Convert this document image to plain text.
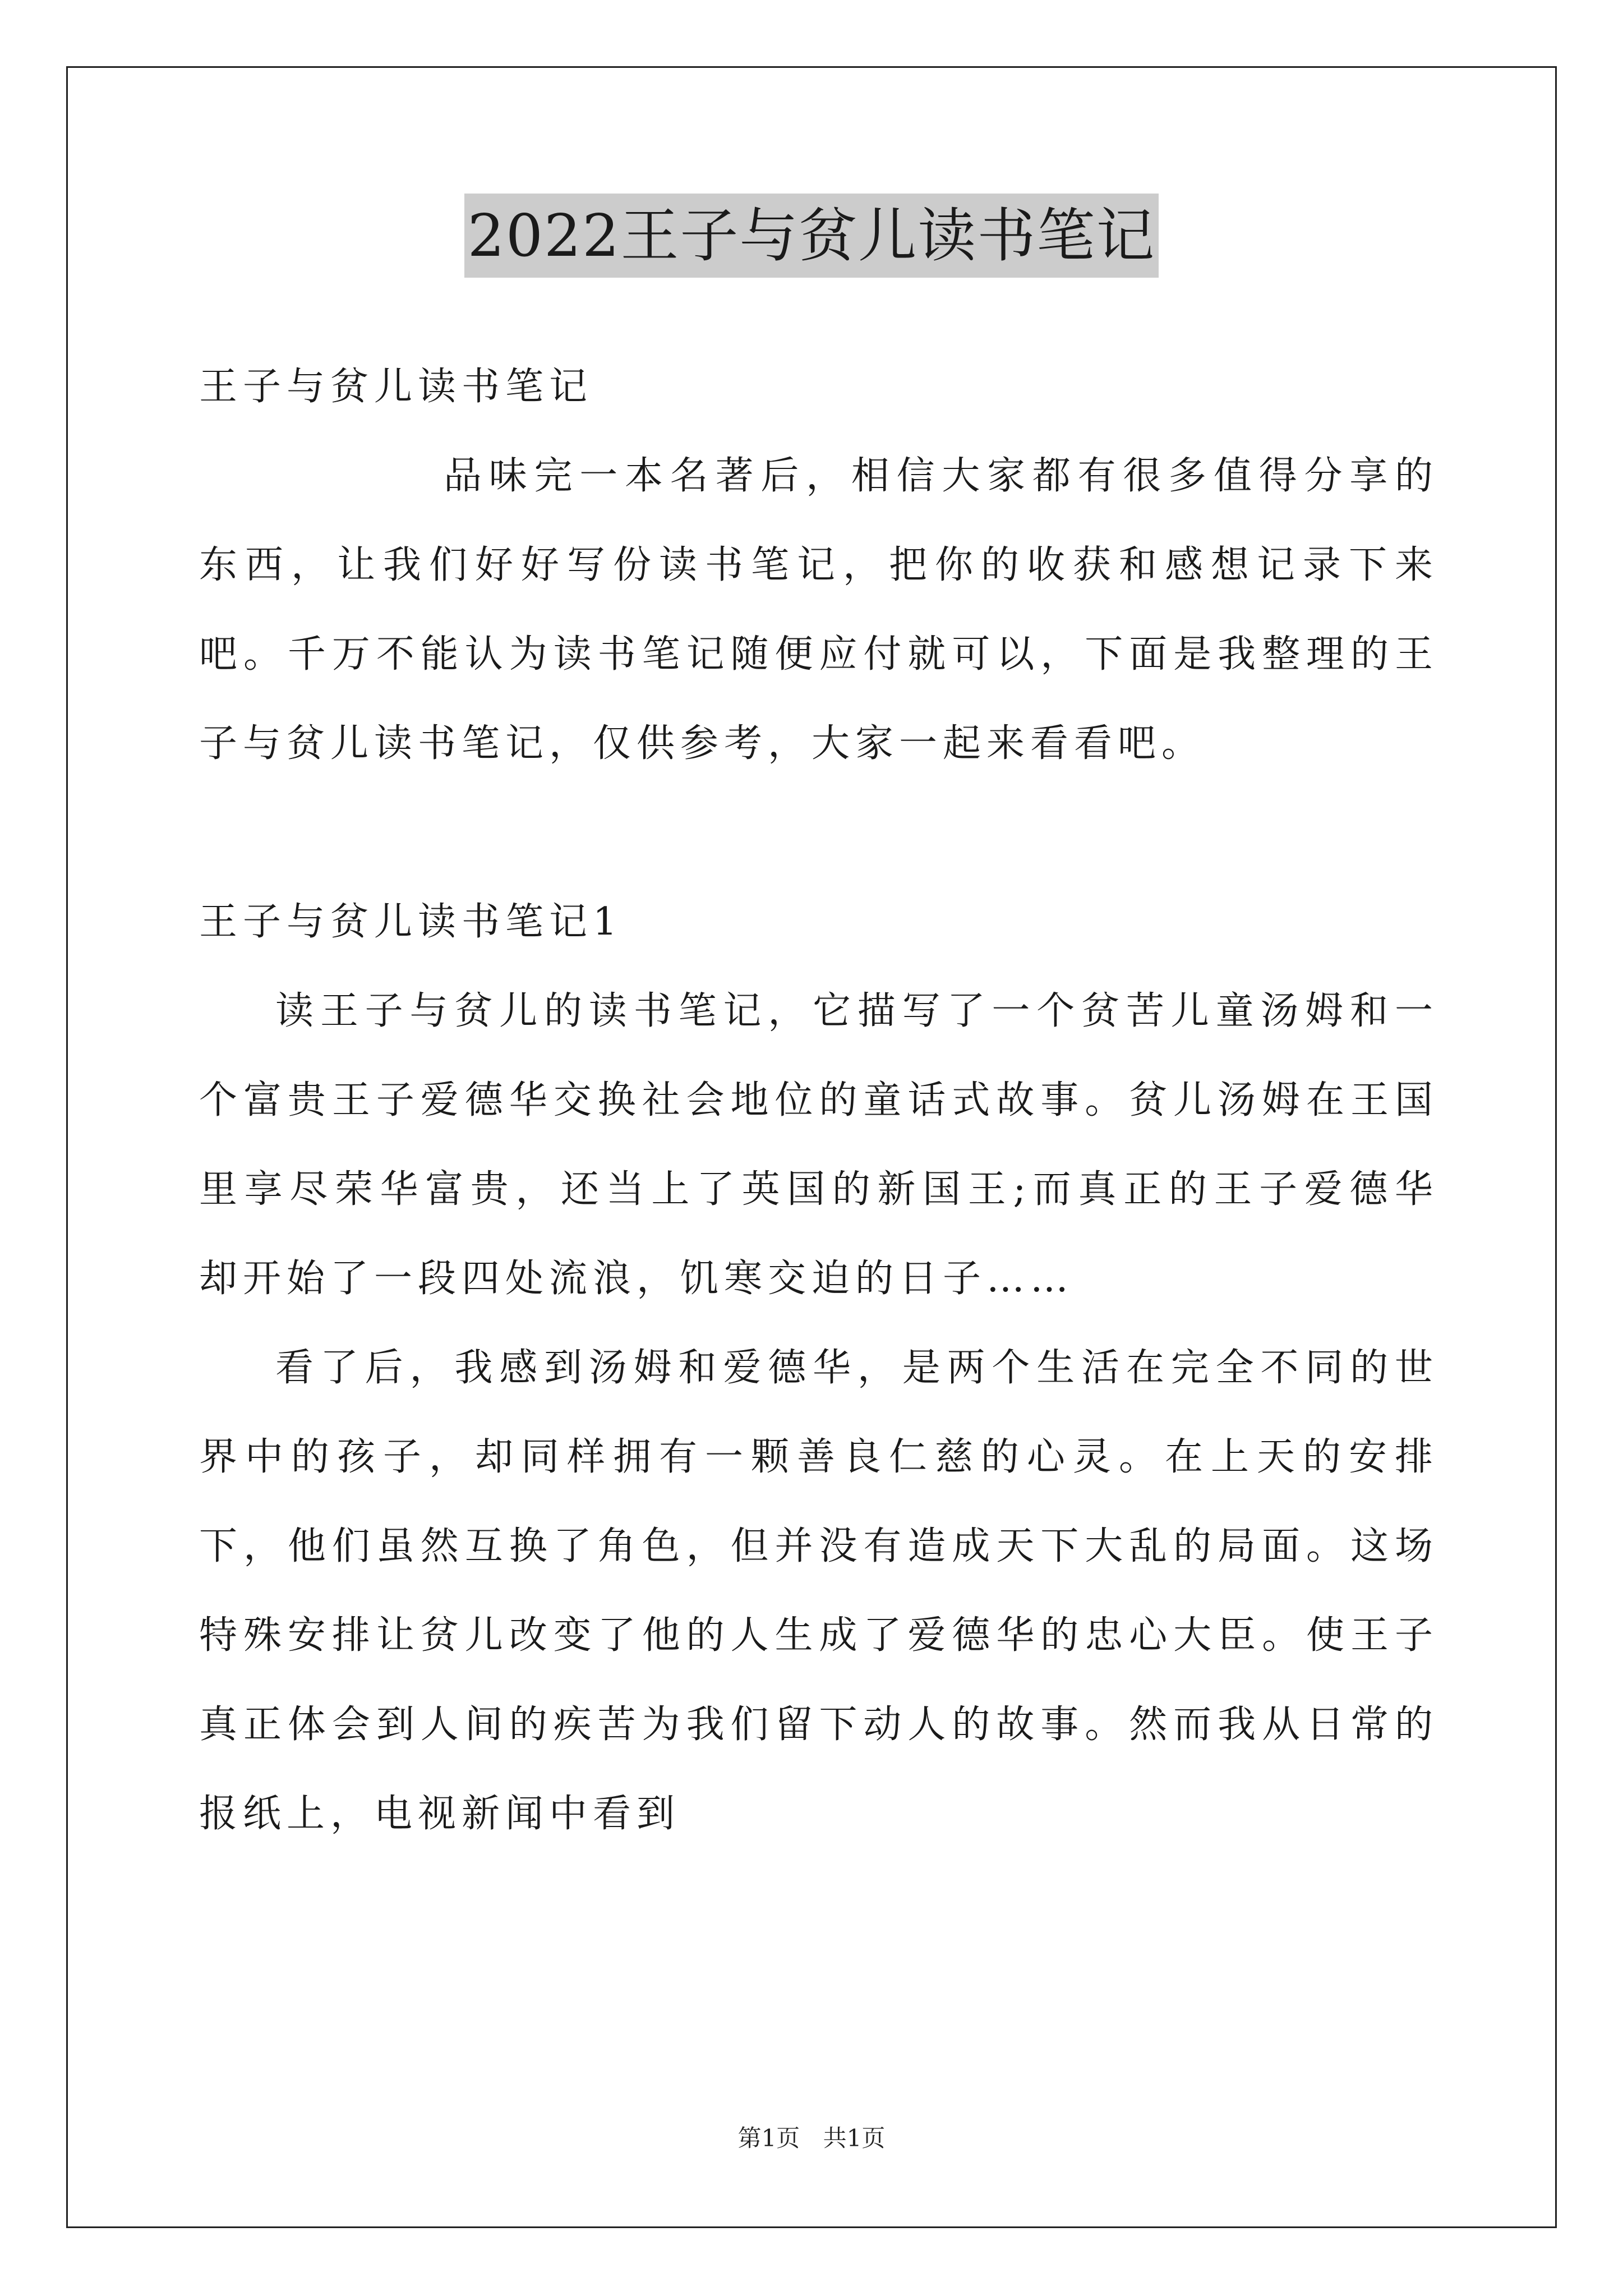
2022王子与贫儿读书笔记

王子与贫儿读书笔记

品味完一本名著后，相信大家都有很多值得分享的东西，让我们好好写份读书笔记，把你的收获和感想记录下来吧。千万不能认为读书笔记随便应付就可以，下面是我整理的王子与贫儿读书笔记，仅供参考，大家一起来看看吧。

王子与贫儿读书笔记1

读王子与贫儿的读书笔记，它描写了一个贫苦儿童汤姆和一个富贵王子爱德华交换社会地位的童话式故事。贫儿汤姆在王国里享尽荣华富贵，还当上了英国的新国王;而真正的王子爱德华却开始了一段四处流浪，饥寒交迫的日子……

看了后，我感到汤姆和爱德华，是两个生活在完全不同的世界中的孩子，却同样拥有一颗善良仁慈的心灵。在上天的安排下，他们虽然互换了角色，但并没有造成天下大乱的局面。这场特殊安排让贫儿改变了他的人生成了爱德华的忠心大臣。使王子真正体会到人间的疾苦为我们留下动人的故事。然而我从日常的报纸上，电视新闻中看到

第1页 共1页
